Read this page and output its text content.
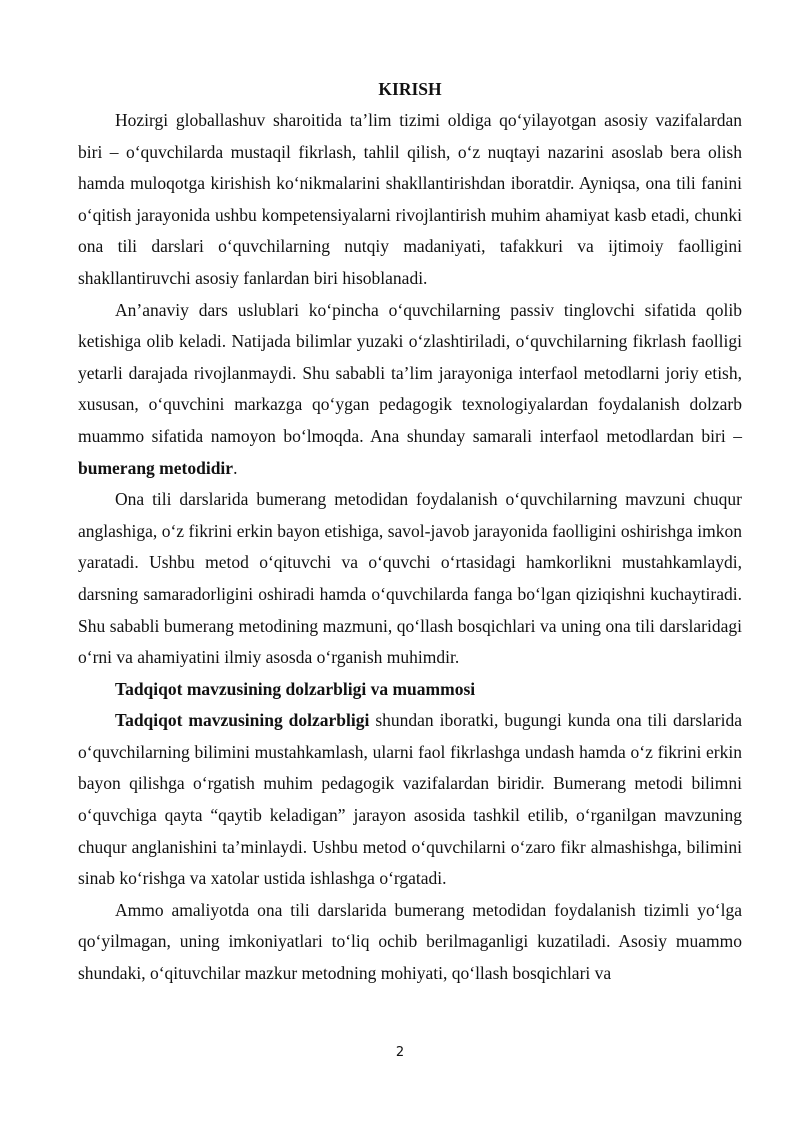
KIRISH

Hozirgi globallashuv sharoitida ta’lim tizimi oldiga qo‘yilayotgan asosiy vazifalardan biri – o‘quvchilarda mustaqil fikrlash, tahlil qilish, o‘z nuqtayi nazarini asoslab bera olish hamda muloqotga kirishish ko‘nikmalarini shakllantirishdan iboratdir. Ayniqsa, ona tili fanini o‘qitish jarayonida ushbu kompetensiyalarni rivojlantirish muhim ahamiyat kasb etadi, chunki ona tili darslari o‘quvchilarning nutqiy madaniyati, tafakkuri va ijtimoiy faolligini shakllantiruvchi asosiy fanlardan biri hisoblanadi.

An’anaviy dars uslublari ko‘pincha o‘quvchilarning passiv tinglovchi sifatida qolib ketishiga olib keladi. Natijada bilimlar yuzaki o‘zlashtiriladi, o‘quvchilarning fikrlash faolligi yetarli darajada rivojlanmaydi. Shu sababli ta’lim jarayoniga interfaol metodlarni joriy etish, xususan, o‘quvchini markazga qo‘ygan pedagogik texnologiyalardan foydalanish dolzarb muammo sifatida namoyon bo‘lmoqda. Ana shunday samarali interfaol metodlardan biri – bumerang metodidir.

Ona tili darslarida bumerang metodidan foydalanish o‘quvchilarning mavzuni chuqur anglashiga, o‘z fikrini erkin bayon etishiga, savol-javob jarayonida faolligini oshirishga imkon yaratadi. Ushbu metod o‘qituvchi va o‘quvchi o‘rtasidagi hamkorlikni mustahkamlaydi, darsning samaradorligini oshiradi hamda o‘quvchilarda fanga bo‘lgan qiziqishni kuchaytiradi. Shu sababli bumerang metodining mazmuni, qo‘llash bosqichlari va uning ona tili darslaridagi o‘rni va ahamiyatini ilmiy asosda o‘rganish muhimdir.

Tadqiqot mavzusining dolzarbligi va muammosi

Tadqiqot mavzusining dolzarbligi shundan iboratki, bugungi kunda ona tili darslarida o‘quvchilarning bilimini mustahkamlash, ularni faol fikrlashga undash hamda o‘z fikrini erkin bayon qilishga o‘rgatish muhim pedagogik vazifalardan biridir. Bumerang metodi bilimni o‘quvchiga qayta “qaytib keladigan” jarayon asosida tashkil etilib, o‘rganilgan mavzuning chuqur anglanishini ta’minlaydi. Ushbu metod o‘quvchilarni o‘zaro fikr almashishga, bilimini sinab ko‘rishga va xatolar ustida ishlashga o‘rgatadi.

Ammo amaliyotda ona tili darslarida bumerang metodidan foydalanish tizimli yo‘lga qo‘yilmagan, uning imkoniyatlari to‘liq ochib berilmaganligi kuzatiladi. Asosiy muammo shundaki, o‘qituvchilar mazkur metodning mohiyati, qo‘llash bosqichlari va

2
